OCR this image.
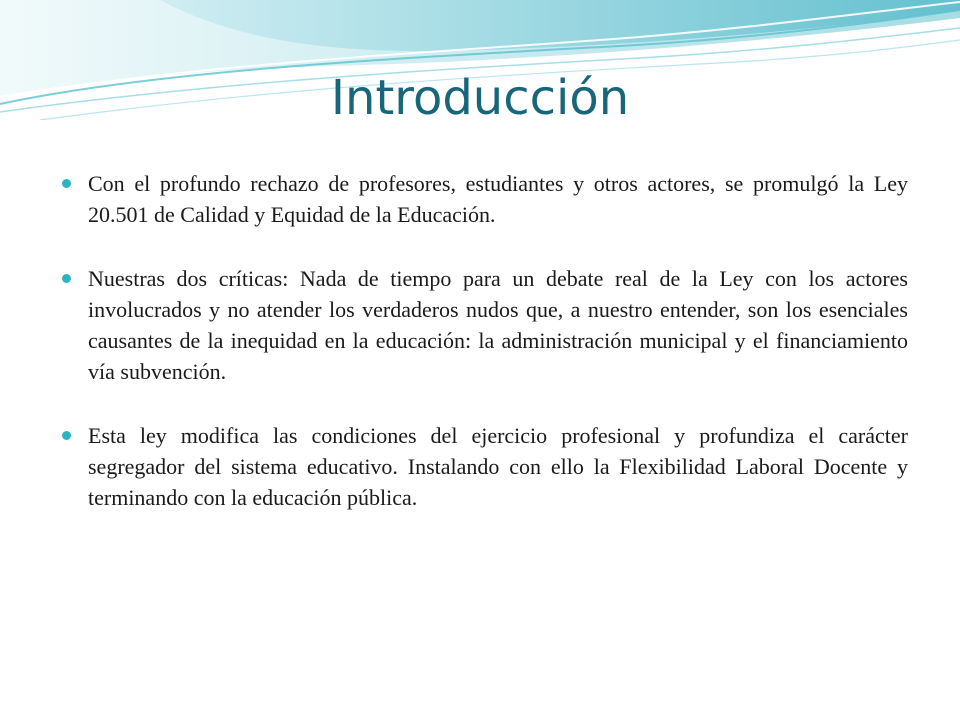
Introducción
Con el profundo rechazo de profesores, estudiantes y otros actores, se promulgó la Ley 20.501 de Calidad y Equidad de la Educación.
Nuestras dos críticas: Nada de tiempo para un debate real de la Ley con los actores involucrados y no atender los verdaderos nudos que, a nuestro entender, son los esenciales causantes de la inequidad en la educación: la administración municipal y el financiamiento vía subvención.
Esta ley modifica las condiciones del ejercicio profesional y profundiza el carácter segregador del sistema educativo. Instalando con ello la Flexibilidad Laboral Docente y terminando con la educación pública.
